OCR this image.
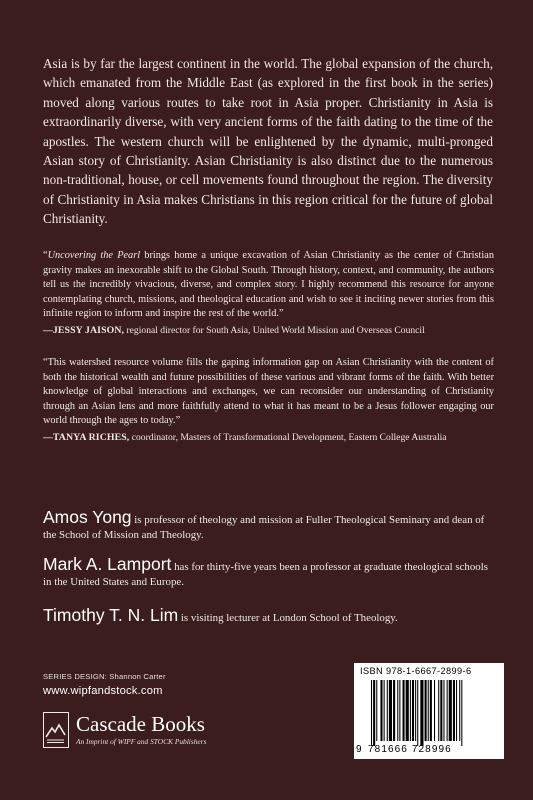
Asia is by far the largest continent in the world. The global expansion of the church, which emanated from the Middle East (as explored in the first book in the series) moved along various routes to take root in Asia proper. Christianity in Asia is extraordinarily diverse, with very ancient forms of the faith dating to the time of the apostles. The western church will be enlightened by the dynamic, multi-pronged Asian story of Christianity. Asian Christianity is also distinct due to the numerous non-traditional, house, or cell movements found throughout the region. The diversity of Christianity in Asia makes Christians in this region critical for the future of global Christianity.

“Uncovering the Pearl brings home a unique excavation of Asian Christianity as the center of Christian gravity makes an inexorable shift to the Global South. Through history, context, and community, the authors tell us the incredibly vivacious, diverse, and complex story. I highly recommend this resource for anyone contemplating church, missions, and theological education and wish to see it inciting newer stories from this infinite region to inform and inspire the rest of the world.”

—JESSY JAISON, regional director for South Asia, United World Mission and Overseas Council

“This watershed resource volume fills the gaping information gap on Asian Christianity with the content of both the historical wealth and future possibilities of these various and vibrant forms of the faith. With better knowledge of global interactions and exchanges, we can reconsider our understanding of Christianity through an Asian lens and more faithfully attend to what it has meant to be a Jesus follower engaging our world through the ages to today.”

—TANYA RICHES, coordinator, Masters of Transformational Development, Eastern College Australia

Amos Yong is professor of theology and mission at Fuller Theological Seminary and dean of the School of Mission and Theology.

Mark A. Lamport has for thirty-five years been a professor at graduate theological schools in the United States and Europe.

Timothy T. N. Lim is visiting lecturer at London School of Theology.

SERIES DESIGN: Shannon Carter
www.wipfandstock.com
Cascade Books
An Imprint of WIPF and STOCK Publishers
ISBN 978-1-6667-2899-6
9 781666 728996
